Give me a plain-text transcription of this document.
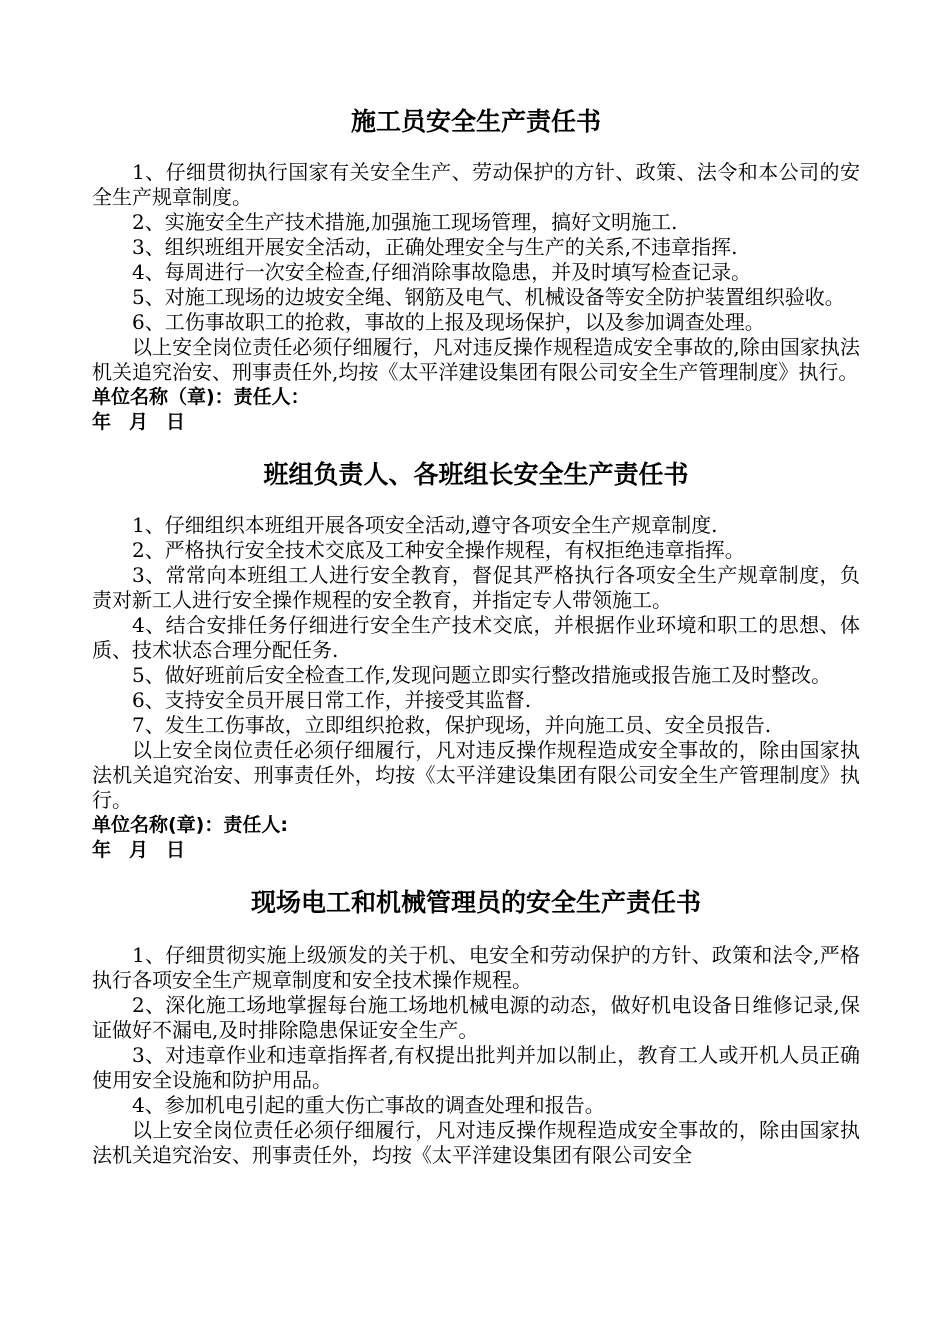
施工员安全生产责任书

1、仔细贯彻执行国家有关安全生产、劳动保护的方针、政策、法令和本公司的安全生产规章制度。

2、实施安全生产技术措施,加强施工现场管理，搞好文明施工.

3、组织班组开展安全活动，正确处理安全与生产的关系,不违章指挥.

4、每周进行一次安全检查,仔细消除事故隐患，并及时填写检查记录。

5、对施工现场的边坡安全绳、钢筋及电气、机械设备等安全防护装置组织验收。

6、工伤事故职工的抢救，事故的上报及现场保护，以及参加调查处理。

以上安全岗位责任必须仔细履行，凡对违反操作规程造成安全事故的,除由国家执法机关追究治安、刑事责任外,均按《太平洋建设集团有限公司安全生产管理制度》执行。

单位名称（章)：责任人：

年 月 日

班组负责人、各班组长安全生产责任书

1、仔细组织本班组开展各项安全活动,遵守各项安全生产规章制度.

2、严格执行安全技术交底及工种安全操作规程，有权拒绝违章指挥。

3、常常向本班组工人进行安全教育，督促其严格执行各项安全生产规章制度，负责对新工人进行安全操作规程的安全教育，并指定专人带领施工。

4、结合安排任务仔细进行安全生产技术交底，并根据作业环境和职工的思想、体质、技术状态合理分配任务.

5、做好班前后安全检查工作,发现问题立即实行整改措施或报告施工及时整改。

6、支持安全员开展日常工作，并接受其监督.

7、发生工伤事故，立即组织抢救，保护现场，并向施工员、安全员报告.

以上安全岗位责任必须仔细履行，凡对违反操作规程造成安全事故的，除由国家执法机关追究治安、刑事责任外，均按《太平洋建设集团有限公司安全生产管理制度》执行。

单位名称(章)：责任人:

年 月 日

现场电工和机械管理员的安全生产责任书

1、仔细贯彻实施上级颁发的关于机、电安全和劳动保护的方针、政策和法令,严格执行各项安全生产规章制度和安全技术操作规程。

2、深化施工场地掌握每台施工场地机械电源的动态，做好机电设备日维修记录,保证做好不漏电,及时排除隐患保证安全生产。

3、对违章作业和违章指挥者,有权提出批判并加以制止，教育工人或开机人员正确使用安全设施和防护用品。

4、参加机电引起的重大伤亡事故的调查处理和报告。

以上安全岗位责任必须仔细履行，凡对违反操作规程造成安全事故的，除由国家执法机关追究治安、刑事责任外，均按《太平洋建设集团有限公司安全
